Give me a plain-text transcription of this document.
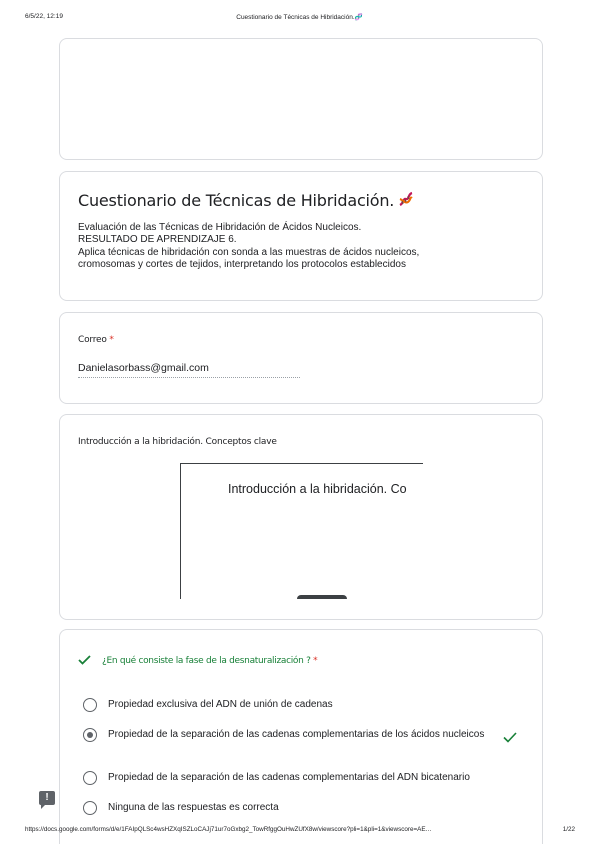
6/5/22, 12:19	Cuestionario de Técnicas de Hibridación.🧬
Cuestionario de Técnicas de Hibridación.
Evaluación de las Técnicas de Hibridación de Ácidos Nucleicos.
RESULTADO DE APRENDIZAJE 6.
Aplica técnicas de hibridación con sonda a las muestras de ácidos nucleicos,
cromosomas y cortes de tejidos, interpretando los protocolos establecidos
Correo *
Danielasorbass@gmail.com
Introducción a la hibridación. Conceptos clave
Introducción a la hibridación. Co
¿En qué consiste la fase de la desnaturalización ? *
Propiedad exclusiva del ADN de unión de cadenas
Propiedad de la separación de las cadenas complementarias de los ácidos nucleicos
Propiedad de la separación de las cadenas complementarias del ADN bicatenario
Ninguna de las respuestas es correcta
!
https://docs.google.com/forms/d/e/1FAIpQLSc4wsHZXqISZLoCAJj71ur7oGxbg2_TowRfggOuHwZUfX8w/viewscore?pli=1&pli=1&viewscore=AE…	1/22
